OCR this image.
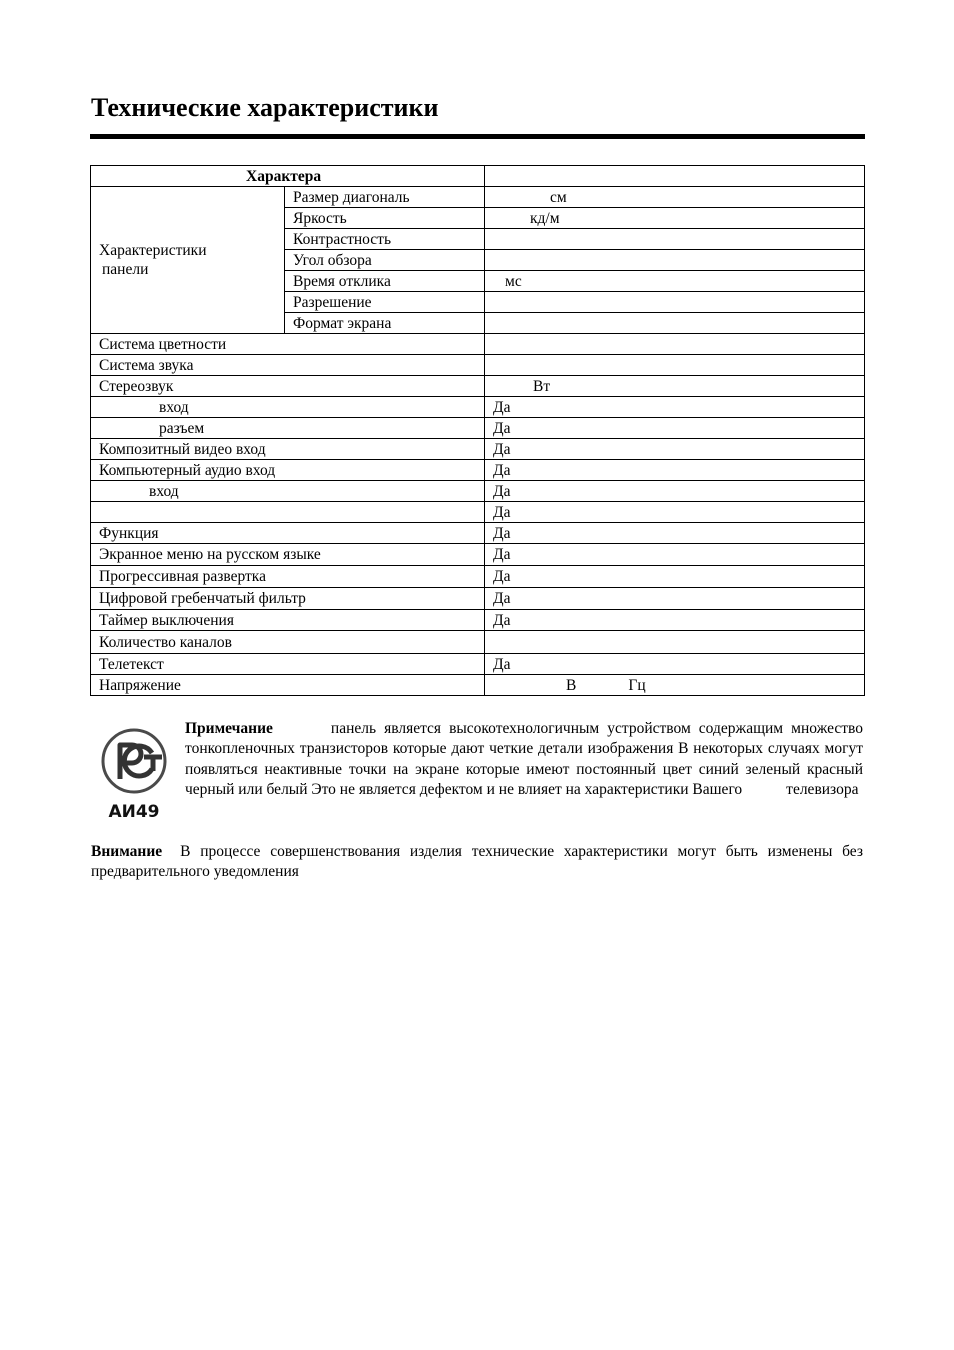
Технические характеристики
Характера		

Характеристики
панели	Размер диагональ	см
	Яркость	кд/м
	Контрастность	
	Угол обзора	
	Время отклика	мс
	Разрешение	
	Формат экрана	
Система цветности		
Система звука		
Стереозвук		Вт
вход		Да
разъем		Да
Композитный видео вход		Да
Компьютерный аудио вход		Да
вход		Да
		Да
Функция		Да
Экранное меню на русском языке		Да
Прогрессивная развертка		Да
Цифровой гребенчатый фильтр		Да
Таймер выключения		Да
Количество каналов		
Телетекст		Да
Напряжение		В Гц
АИ49

Примечание	панель является высокотехнологичным устройством содержащим множество тонкопленочных транзисторов которые дают четкие детали изображения В некоторых случаях могут появляться неактивные точки на экране которые имеют постоянный цвет синий зеленый красный черный или белый Это не является дефектом и не влияет на характеристики Вашего	телевизора

Внимание В процессе совершенствования изделия технические характеристики могут быть изменены без предварительного уведомления
